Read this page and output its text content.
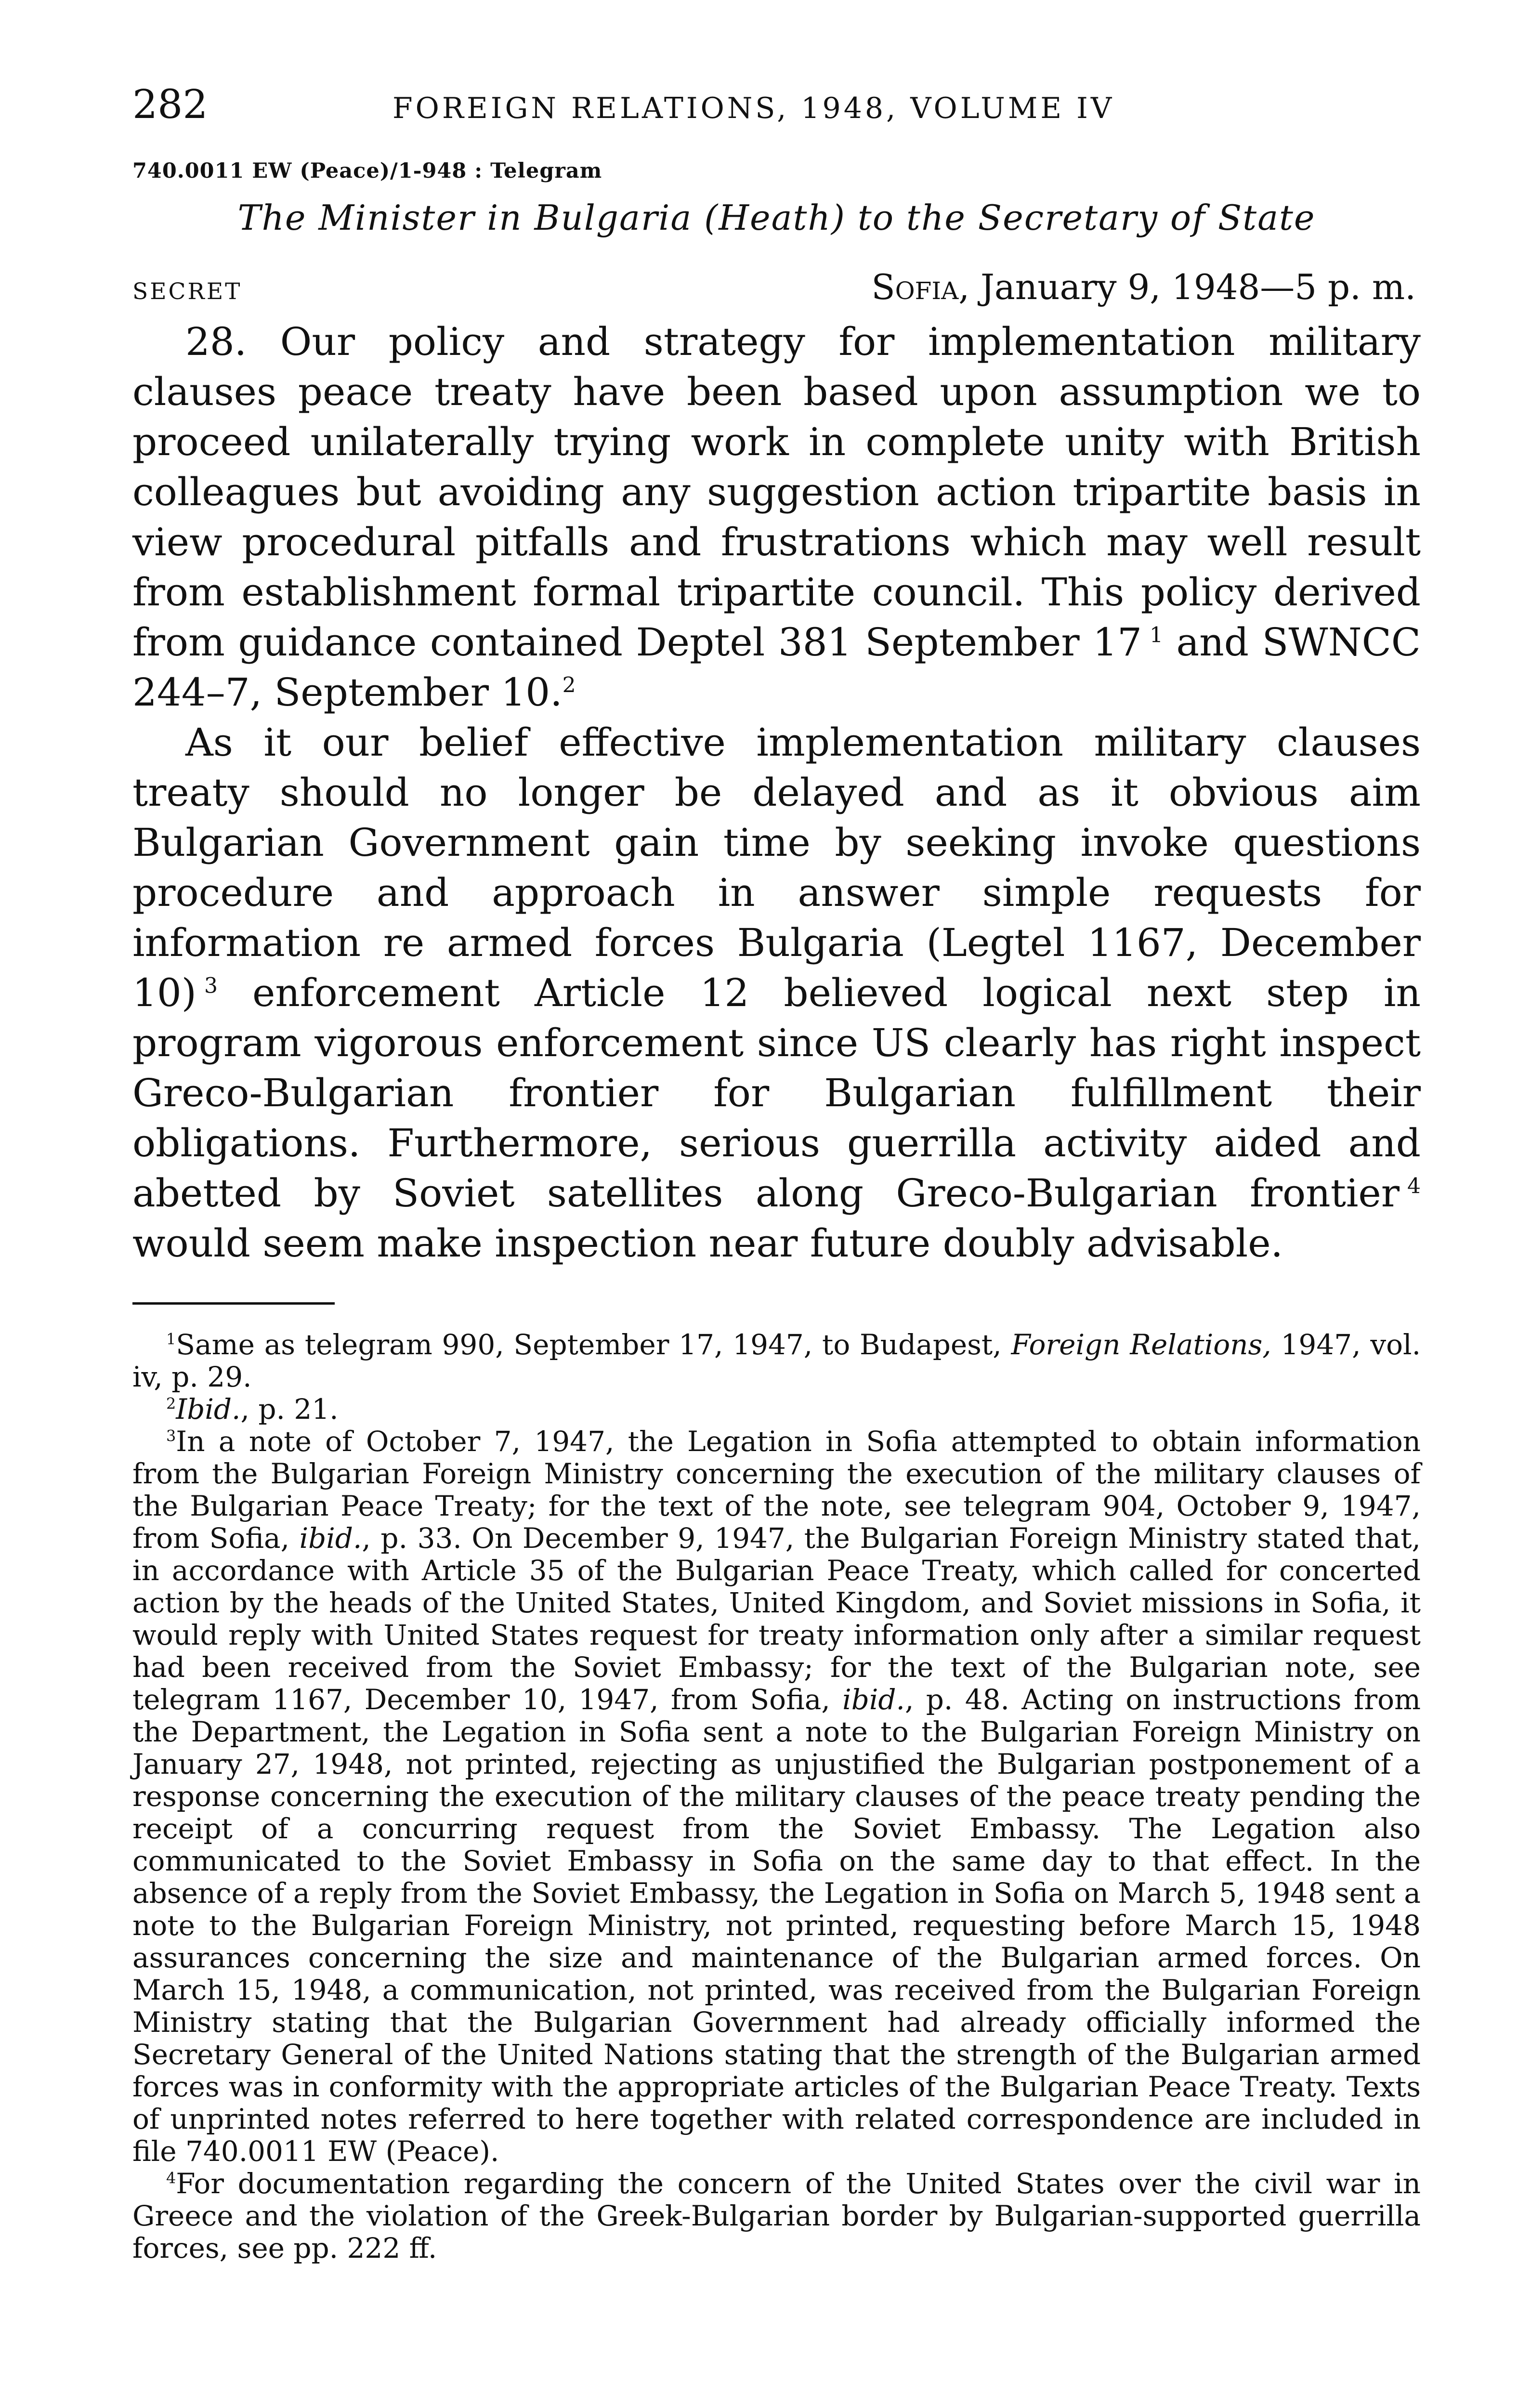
282	FOREIGN RELATIONS, 1948, VOLUME IV
740.0011 EW (Peace)/1-948 : Telegram
The Minister in Bulgaria (Heath) to the Secretary of State
SECRET	Sofia, January 9, 1948—5 p. m.

28. Our policy and strategy for implementation military clauses peace treaty have been based upon assumption we to proceed unilaterally trying work in complete unity with British colleagues but avoiding any suggestion action tripartite basis in view procedural pitfalls and frustrations which may well result from establishment formal tripartite council. This policy derived from guidance contained Deptel 381 September 17  $^1$ and SWNCC 244–7, September 10.$^2$

As it our belief effective implementation military clauses treaty should no longer be delayed and as it obvious aim Bulgarian Government gain time by seeking invoke questions procedure and approach in answer simple requests for information re armed forces Bulgaria (Legtel 1167, December 10)  $^3$ enforcement Article 12 believed logical next step in program vigorous enforcement since US clearly has right inspect Greco-Bulgarian frontier for Bulgarian fulfillment their obligations. Furthermore, serious guerrilla activity aided and abetted by Soviet satellites along Greco-Bulgarian frontier  $^4$ would seem make inspection near future doubly advisable.

$^1$Same as telegram 990, September 17, 1947, to Budapest, Foreign Relations, 1947, vol. iv, p. 29.

$^2$Ibid., p. 21.

$^3$In a note of October 7, 1947, the Legation in Sofia attempted to obtain information from the Bulgarian Foreign Ministry concerning the execution of the military clauses of the Bulgarian Peace Treaty; for the text of the note, see telegram 904, October 9, 1947, from Sofia, ibid., p. 33. On December 9, 1947, the Bulgarian Foreign Ministry stated that, in accordance with Article 35 of the Bulgarian Peace Treaty, which called for concerted action by the heads of the United States, United Kingdom, and Soviet missions in Sofia, it would reply with United States request for treaty information only after a similar request had been received from the Soviet Embassy; for the text of the Bulgarian note, see telegram 1167, December 10, 1947, from Sofia, ibid., p. 48. Acting on instructions from the Department, the Legation in Sofia sent a note to the Bulgarian Foreign Ministry on January 27, 1948, not printed, rejecting as unjustified the Bulgarian postponement of a response concerning the execution of the military clauses of the peace treaty pending the receipt of a concurring request from the Soviet Embassy. The Legation also communicated to the Soviet Embassy in Sofia on the same day to that effect. In the absence of a reply from the Soviet Embassy, the Legation in Sofia on March 5, 1948 sent a note to the Bulgarian Foreign Ministry, not printed, requesting before March 15, 1948 assurances concerning the size and maintenance of the Bulgarian armed forces. On March 15, 1948, a communication, not printed, was received from the Bulgarian Foreign Ministry stating that the Bulgarian Government had already officially informed the Secretary General of the United Nations stating that the strength of the Bulgarian armed forces was in conformity with the appropriate articles of the Bulgarian Peace Treaty. Texts of unprinted notes referred to here together with related correspondence are included in file 740.0011 EW (Peace).

$^4$For documentation regarding the concern of the United States over the civil war in Greece and the violation of the Greek-Bulgarian border by Bulgarian-supported guerrilla forces, see pp. 222 ff.
